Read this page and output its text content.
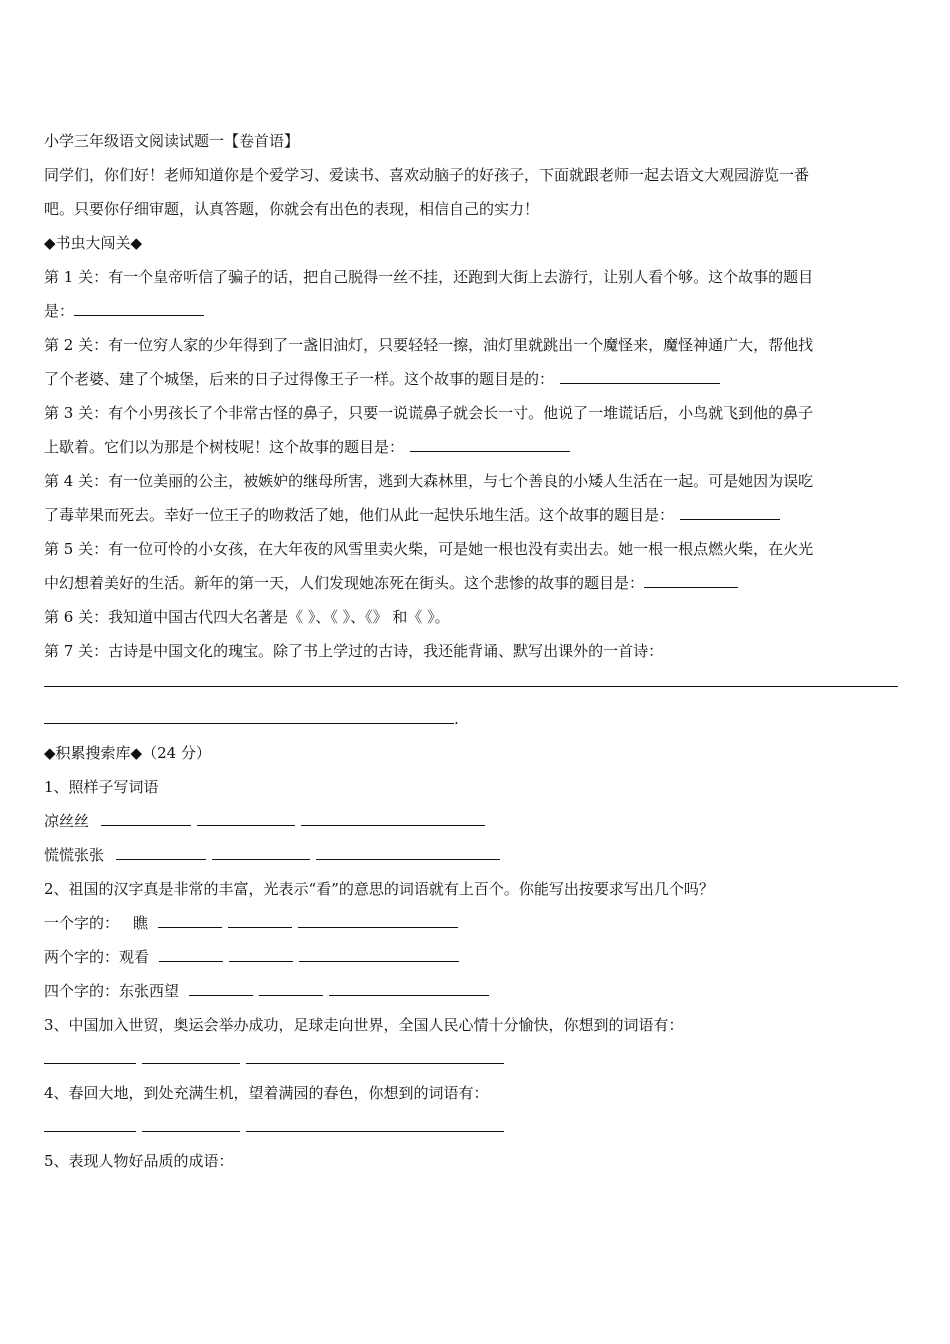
小学三年级语文阅读试题一【卷首语】
同学们，你们好！老师知道你是个爱学习、爱读书、喜欢动脑子的好孩子，下面就跟老师一起去语文大观园游览一番
吧。只要你仔细审题，认真答题，你就会有出色的表现，相信自己的实力！
◆书虫大闯关◆
第 1 关：有一个皇帝听信了骗子的话，把自己脱得一丝不挂，还跑到大街上去游行，让别人看个够。这个故事的题目
是：
第 2 关：有一位穷人家的少年得到了一盏旧油灯，只要轻轻一擦，油灯里就跳出一个魔怪来，魔怪神通广大，帮他找
了个老婆、建了个城堡，后来的日子过得像王子一样。这个故事的题目是的：
第 3 关：有个小男孩长了个非常古怪的鼻子，只要一说谎鼻子就会长一寸。他说了一堆谎话后，小鸟就飞到他的鼻子
上歇着。它们以为那是个树枝呢！这个故事的题目是：
第 4 关：有一位美丽的公主，被嫉妒的继母所害，逃到大森林里，与七个善良的小矮人生活在一起。可是她因为误吃
了毒苹果而死去。幸好一位王子的吻救活了她，他们从此一起快乐地生活。这个故事的题目是：
第 5 关：有一位可怜的小女孩，在大年夜的风雪里卖火柴，可是她一根也没有卖出去。她一根一根点燃火柴，在火光
中幻想着美好的生活。新年的第一天，人们发现她冻死在街头。这个悲惨的故事的题目是：
第 6 关：我知道中国古代四大名著是《 》、《 》、《》 和《 》。
第 7 关：古诗是中国文化的瑰宝。除了书上学过的古诗，我还能背诵、默写出课外的一首诗：
.
◆积累搜索库◆（24 分）
1、照样子写词语
凉丝丝
慌慌张张
2、祖国的汉字真是非常的丰富，光表示“看”的意思的词语就有上百个。你能写出按要求写出几个吗？
一个字的： 瞧
两个字的：观看
四个字的：东张西望
3、中国加入世贸，奥运会举办成功，足球走向世界，全国人民心情十分愉快，你想到的词语有：
4、春回大地，到处充满生机，望着满园的春色，你想到的词语有：
5、表现人物好品质的成语：
